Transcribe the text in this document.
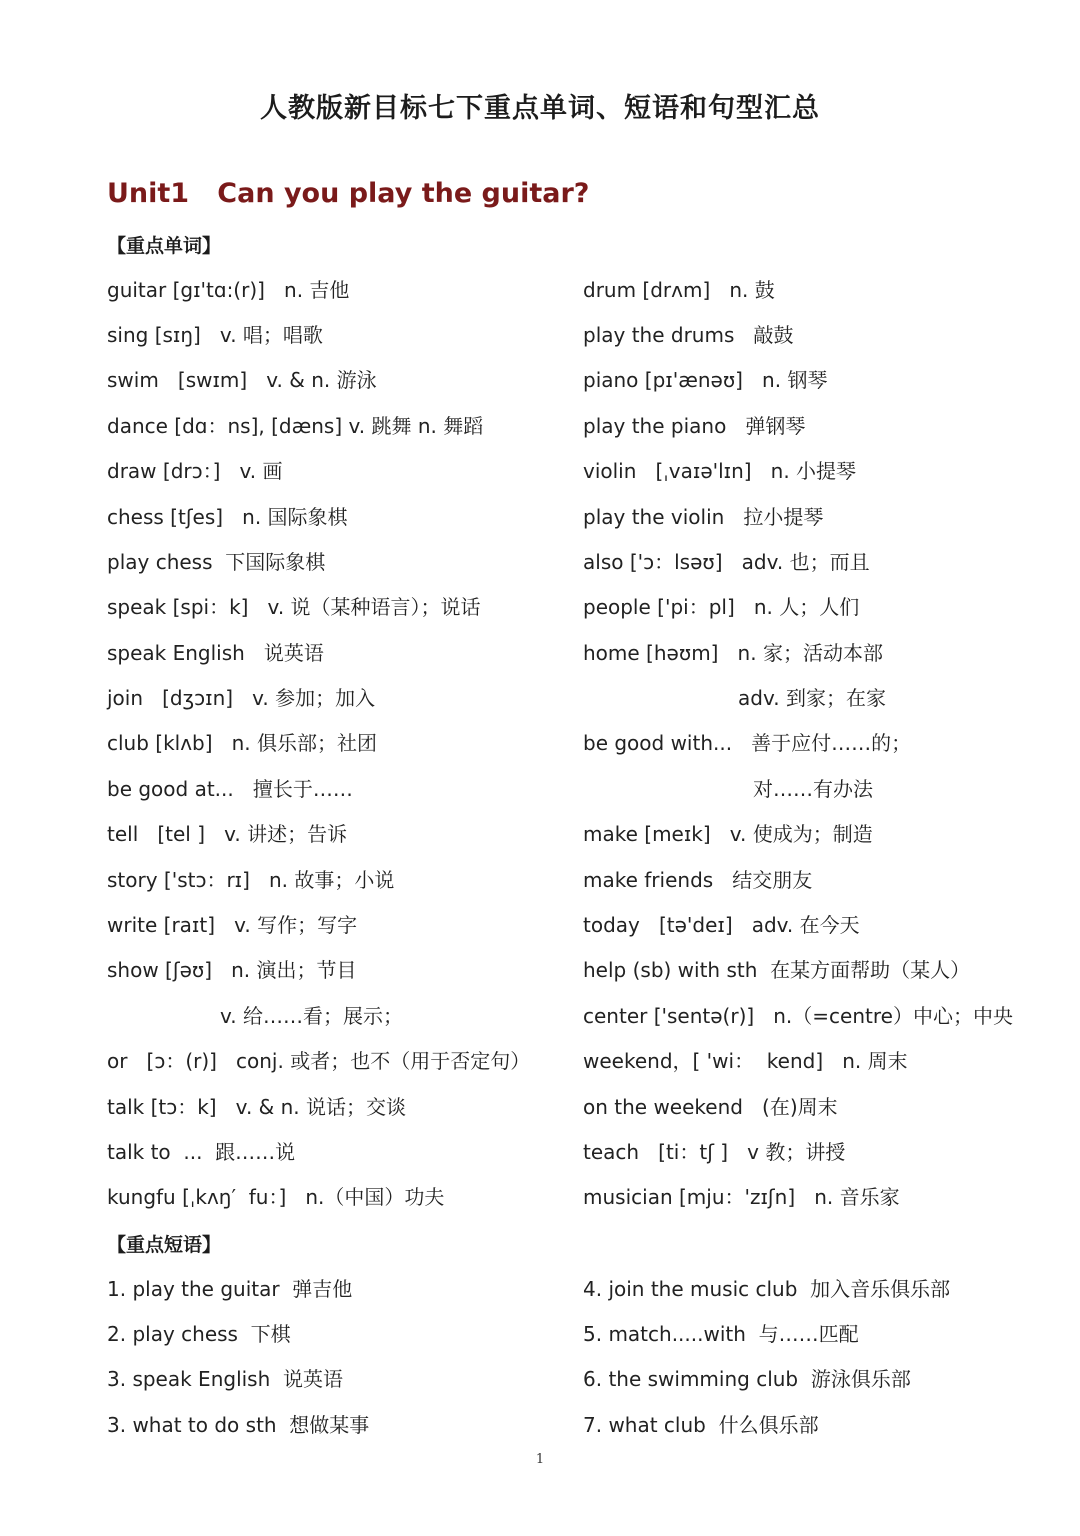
人教版新目标七下重点单词、短语和句型汇总
Unit1   Can you play the guitar?
【重点单词】
guitar [gɪ'tɑ:(r)]   n. 吉他
sing [sɪŋ]   v. 唱；唱歌
swim   [swɪm]   v. & n. 游泳
dance [dɑ：ns], [dæns] v. 跳舞 n. 舞蹈
draw [drɔ：]   v. 画
chess [tʃes]   n. 国际象棋
play chess  下国际象棋
speak [spi：k]   v. 说（某种语言）；说话
speak English   说英语
join   [dʒɔɪn]   v. 参加；加入
club [klʌb]   n. 俱乐部；社团
be good at...   擅长于……
tell   [tel ]   v. 讲述；告诉
story ['stɔ：rɪ]   n. 故事；小说
write [raɪt]   v. 写作；写字
show [ʃəʊ]   n. 演出；节目
v. 给……看；展示；
or   [ɔ：(r)]   conj. 或者；也不（用于否定句）
talk [tɔ：k]   v. & n. 说话；交谈
talk to  ...  跟……说
kungfu [ˌkʌŋ′  fu：]   n.（中国）功夫
drum [drʌm]   n. 鼓
play the drums   敲鼓
piano [pɪ'ænəʊ]   n. 钢琴
play the piano   弹钢琴
violin   [ˌvaɪə'lɪn]   n. 小提琴
play the violin   拉小提琴
also ['ɔ：lsəʊ]   adv. 也；而且
people ['pi：pl]   n. 人；人们
home [həʊm]   n. 家；活动本部
adv. 到家；在家
be good with...   善于应付……的；
对……有办法
make [meɪk]   v. 使成为；制造
make friends   结交朋友
today   [tə'deɪ]   adv. 在今天
help (sb) with sth  在某方面帮助（某人）
center ['sentə(r)]   n.（=centre）中心；中央
weekend，[ 'wi：  kend]   n. 周末
on the weekend   (在)周末
teach   [ti：tʃ ]   v 教；讲授
musician [mju：'zɪʃn]   n. 音乐家
【重点短语】
1. play the guitar  弹吉他
2. play chess  下棋
3. speak English  说英语
3. what to do sth  想做某事
4. join the music club  加入音乐俱乐部
5. match.....with  与……匹配
6. the swimming club  游泳俱乐部
7. what club  什么俱乐部
1
